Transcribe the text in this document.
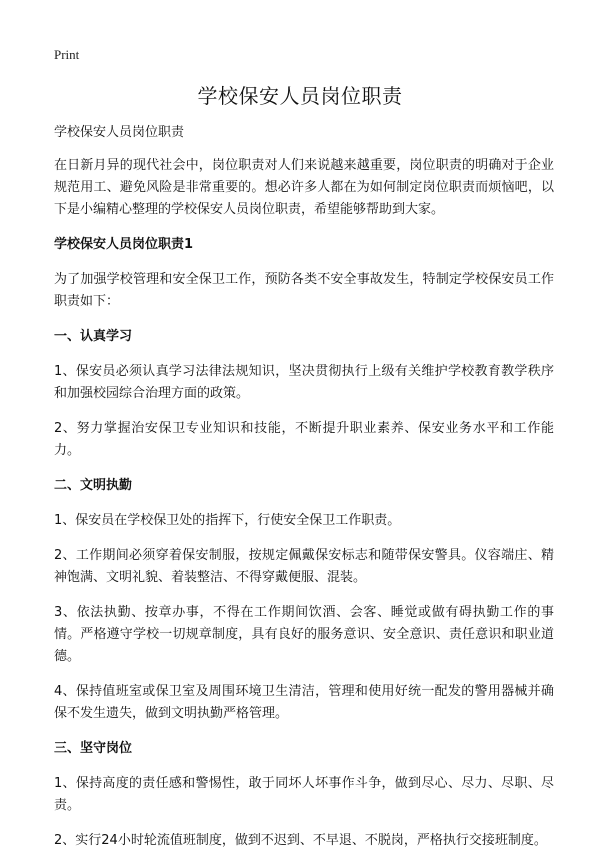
Print
学校保安人员岗位职责

学校保安人员岗位职责

在日新月异的现代社会中，岗位职责对人们来说越来越重要，岗位职责的明确对于企业规范用工、避免风险是非常重要的。想必许多人都在为如何制定岗位职责而烦恼吧，以下是小编精心整理的学校保安人员岗位职责，希望能够帮助到大家。

学校保安人员岗位职责1

为了加强学校管理和安全保卫工作，预防各类不安全事故发生，特制定学校保安员工作职责如下：

一、认真学习

1、保安员必须认真学习法律法规知识，坚决贯彻执行上级有关维护学校教育教学秩序和加强校园综合治理方面的政策。

2、努力掌握治安保卫专业知识和技能，不断提升职业素养、保安业务水平和工作能力。

二、文明执勤

1、保安员在学校保卫处的指挥下，行使安全保卫工作职责。

2、工作期间必须穿着保安制服，按规定佩戴保安标志和随带保安警具。仪容端庄、精神饱满、文明礼貌、着装整洁、不得穿戴便服、混装。

3、依法执勤、按章办事，不得在工作期间饮酒、会客、睡觉或做有碍执勤工作的事情。严格遵守学校一切规章制度，具有良好的服务意识、安全意识、责任意识和职业道德。

4、保持值班室或保卫室及周围环境卫生清洁，管理和使用好统一配发的警用器械并确保不发生遗失，做到文明执勤严格管理。

三、坚守岗位

1、保持高度的责任感和警惕性，敢于同坏人坏事作斗争，做到尽心、尽力、尽职、尽责。

2、实行24小时轮流值班制度，做到不迟到、不早退、不脱岗，严格执行交接班制度。
